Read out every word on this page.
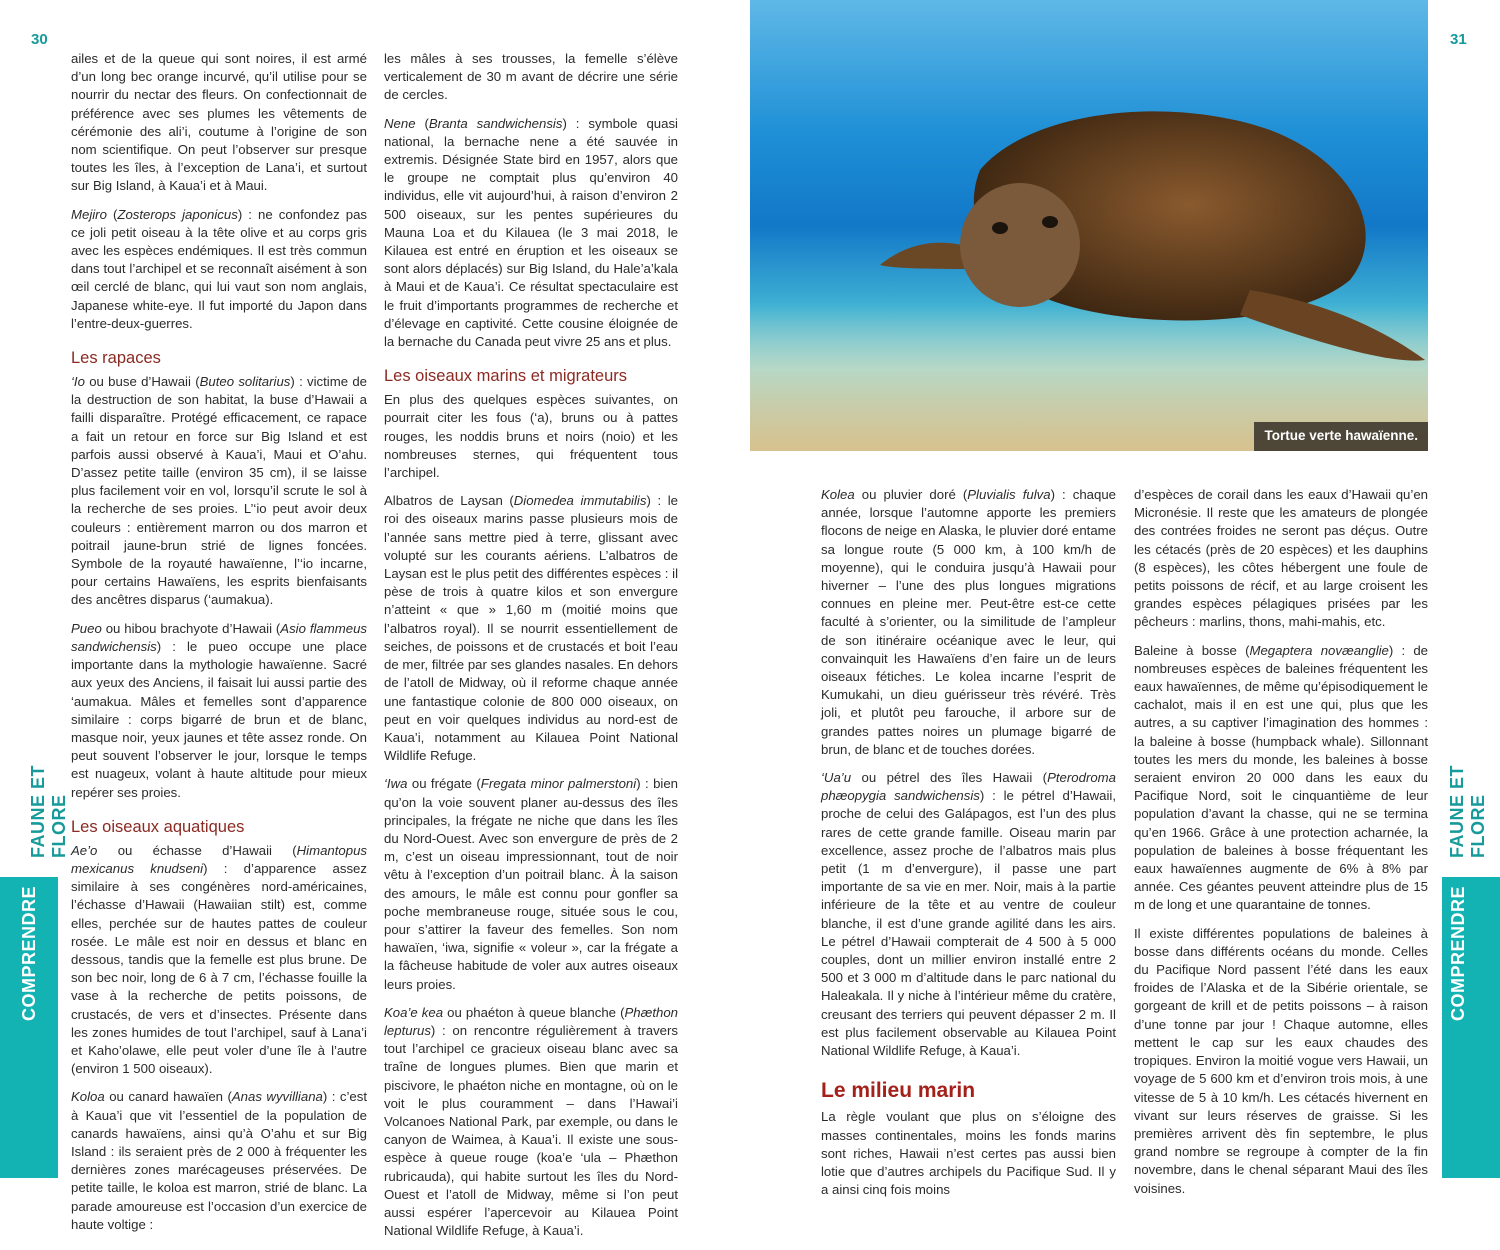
30
FAUNE ET FLORE
COMPRENDRE

ailes et de la queue qui sont noires, il est armé d’un long bec orange incurvé, qu’il utilise pour se nourrir du nectar des fleurs. On confectionnait de préférence avec ses plumes les vêtements de cérémonie des ali’i, coutume à l’origine de son nom scientifique. On peut l’observer sur presque toutes les îles, à l’exception de Lana’i, et surtout sur Big Island, à Kaua’i et à Maui.

Mejiro (Zosterops japonicus) : ne confondez pas ce joli petit oiseau à la tête olive et au corps gris avec les espèces endémiques. Il est très commun dans tout l’archipel et se reconnaît aisément à son œil cerclé de blanc, qui lui vaut son nom anglais, Japanese white-eye. Il fut importé du Japon dans l’entre-deux-guerres.

Les rapaces

‘Io ou buse d’Hawaii (Buteo solitarius) : victime de la destruction de son habitat, la buse d’Hawaii a failli disparaître. Protégé efficacement, ce rapace a fait un retour en force sur Big Island et est parfois aussi observé à Kaua’i, Maui et O’ahu. D’assez petite taille (environ 35 cm), il se laisse plus facilement voir en vol, lorsqu’il scrute le sol à la recherche de ses proies. L’‘io peut avoir deux couleurs : entièrement marron ou dos marron et poitrail jaune-brun strié de lignes foncées. Symbole de la royauté hawaïenne, l’‘io incarne, pour certains Hawaïens, les esprits bienfaisants des ancêtres disparus (‘aumakua).

Pueo ou hibou brachyote d’Hawaii (Asio flammeus sandwichensis) : le pueo occupe une place importante dans la mythologie hawaïenne. Sacré aux yeux des Anciens, il faisait lui aussi partie des ‘aumakua. Mâles et femelles sont d’apparence similaire : corps bigarré de brun et de blanc, masque noir, yeux jaunes et tête assez ronde. On peut souvent l’observer le jour, lorsque le temps est nuageux, volant à haute altitude pour mieux repérer ses proies.

Les oiseaux aquatiques

Ae’o ou échasse d’Hawaii (Himantopus mexicanus knudseni) : d’apparence assez similaire à ses congénères nord-américaines, l’échasse d’Hawaii (Hawaiian stilt) est, comme elles, perchée sur de hautes pattes de couleur rosée. Le mâle est noir en dessus et blanc en dessous, tandis que la femelle est plus brune. De son bec noir, long de 6 à 7 cm, l’échasse fouille la vase à la recherche de petits poissons, de crustacés, de vers et d’insectes. Présente dans les zones humides de tout l’archipel, sauf à Lana’i et Kaho’olawe, elle peut voler d’une île à l’autre (environ 1 500 oiseaux).

Koloa ou canard hawaïen (Anas wyvilliana) : c’est à Kaua’i que vit l’essentiel de la population de canards hawaïens, ainsi qu’à O’ahu et sur Big Island : ils seraient près de 2 000 à fréquenter les dernières zones marécageuses préservées. De petite taille, le koloa est marron, strié de blanc. La parade amoureuse est l’occasion d’un exercice de haute voltige :

les mâles à ses trousses, la femelle s’élève verticalement de 30 m avant de décrire une série de cercles.

Nene (Branta sandwichensis) : symbole quasi national, la bernache nene a été sauvée in extremis. Désignée State bird en 1957, alors que le groupe ne comptait plus qu’environ 40 individus, elle vit aujourd’hui, à raison d’environ 2 500 oiseaux, sur les pentes supérieures du Mauna Loa et du Kilauea (le 3 mai 2018, le Kilauea est entré en éruption et les oiseaux se sont alors déplacés) sur Big Island, du Hale’a’kala à Maui et de Kaua’i. Ce résultat spectaculaire est le fruit d’importants programmes de recherche et d’élevage en captivité. Cette cousine éloignée de la bernache du Canada peut vivre 25 ans et plus.

Les oiseaux marins et migrateurs

En plus des quelques espèces suivantes, on pourrait citer les fous (‘a), bruns ou à pattes rouges, les noddis bruns et noirs (noio) et les nombreuses sternes, qui fréquentent tous l’archipel.

Albatros de Laysan (Diomedea immutabilis) : le roi des oiseaux marins passe plusieurs mois de l’année sans mettre pied à terre, glissant avec volupté sur les courants aériens. L’albatros de Laysan est le plus petit des différentes espèces : il pèse de trois à quatre kilos et son envergure n’atteint « que » 1,60 m (moitié moins que l’albatros royal). Il se nourrit essentiellement de seiches, de poissons et de crustacés et boit l’eau de mer, filtrée par ses glandes nasales. En dehors de l’atoll de Midway, où il reforme chaque année une fantastique colonie de 800 000 oiseaux, on peut en voir quelques individus au nord-est de Kaua’i, notamment au Kilauea Point National Wildlife Refuge.

‘Iwa ou frégate (Fregata minor palmerstoni) : bien qu’on la voie souvent planer au-dessus des îles principales, la frégate ne niche que dans les îles du Nord-Ouest. Avec son envergure de près de 2 m, c’est un oiseau impressionnant, tout de noir vêtu à l’exception d’un poitrail blanc. À la saison des amours, le mâle est connu pour gonfler sa poche membraneuse rouge, située sous le cou, pour s’attirer la faveur des femelles. Son nom hawaïen, ‘iwa, signifie « voleur », car la frégate a la fâcheuse habitude de voler aux autres oiseaux leurs proies.

Koa’e kea ou phaéton à queue blanche (Phæthon lepturus) : on rencontre régulièrement à travers tout l’archipel ce gracieux oiseau blanc avec sa traîne de longues plumes. Bien que marin et piscivore, le phaéton niche en montagne, où on le voit le plus couramment – dans l’Hawai’i Volcanoes National Park, par exemple, ou dans le canyon de Waimea, à Kaua’i. Il existe une sous-espèce à queue rouge (koa’e ‘ula – Phæthon rubricauda), qui habite surtout les îles du Nord-Ouest et l’atoll de Midway, même si l’on peut aussi espérer l’apercevoir au Kilauea Point National Wildlife Refuge, à Kaua’i.

Tortue verte hawaïenne.
31
FAUNE ET FLORE
COMPRENDRE

Kolea ou pluvier doré (Pluvialis fulva) : chaque année, lorsque l’automne apporte les premiers flocons de neige en Alaska, le pluvier doré entame sa longue route (5 000 km, à 100 km/h de moyenne), qui le conduira jusqu’à Hawaii pour hiverner – l’une des plus longues migrations connues en pleine mer. Peut-être est-ce cette faculté à s’orienter, ou la similitude de l’ampleur de son itinéraire océanique avec le leur, qui convainquit les Hawaïens d’en faire un de leurs oiseaux fétiches. Le kolea incarne l’esprit de Kumukahi, un dieu guérisseur très révéré. Très joli, et plutôt peu farouche, il arbore sur de grandes pattes noires un plumage bigarré de brun, de blanc et de touches dorées.

‘Ua’u ou pétrel des îles Hawaii (Pterodroma phæopygia sandwichensis) : le pétrel d’Hawaii, proche de celui des Galápagos, est l’un des plus rares de cette grande famille. Oiseau marin par excellence, assez proche de l’albatros mais plus petit (1 m d’envergure), il passe une part importante de sa vie en mer. Noir, mais à la partie inférieure de la tête et au ventre de couleur blanche, il est d’une grande agilité dans les airs. Le pétrel d’Hawaii compterait de 4 500 à 5 000 couples, dont un millier environ installé entre 2 500 et 3 000 m d’altitude dans le parc national du Haleakala. Il y niche à l’intérieur même du cratère, creusant des terriers qui peuvent dépasser 2 m. Il est plus facilement observable au Kilauea Point National Wildlife Refuge, à Kaua’i.

Le milieu marin

La règle voulant que plus on s’éloigne des masses continentales, moins les fonds marins sont riches, Hawaii n’est certes pas aussi bien lotie que d’autres archipels du Pacifique Sud. Il y a ainsi cinq fois moins

d’espèces de corail dans les eaux d’Hawaii qu’en Micronésie. Il reste que les amateurs de plongée des contrées froides ne seront pas déçus. Outre les cétacés (près de 20 espèces) et les dauphins (8 espèces), les côtes hébergent une foule de petits poissons de récif, et au large croisent les grandes espèces pélagiques prisées par les pêcheurs : marlins, thons, mahi-mahis, etc.

Baleine à bosse (Megaptera novæanglie) : de nombreuses espèces de baleines fréquentent les eaux hawaïennes, de même qu’épisodiquement le cachalot, mais il en est une qui, plus que les autres, a su captiver l’imagination des hommes : la baleine à bosse (humpback whale). Sillonnant toutes les mers du monde, les baleines à bosse seraient environ 20 000 dans les eaux du Pacifique Nord, soit le cinquantième de leur population d’avant la chasse, qui ne se termina qu’en 1966. Grâce à une protection acharnée, la population de baleines à bosse fréquentant les eaux hawaïennes augmente de 6% à 8% par année. Ces géantes peuvent atteindre plus de 15 m de long et une quarantaine de tonnes.

Il existe différentes populations de baleines à bosse dans différents océans du monde. Celles du Pacifique Nord passent l’été dans les eaux froides de l’Alaska et de la Sibérie orientale, se gorgeant de krill et de petits poissons – à raison d’une tonne par jour ! Chaque automne, elles mettent le cap sur les eaux chaudes des tropiques. Environ la moitié vogue vers Hawaii, un voyage de 5 600 km et d’environ trois mois, à une vitesse de 5 à 10 km/h. Les cétacés hivernent en vivant sur leurs réserves de graisse. Si les premières arrivent dès fin septembre, le plus grand nombre se regroupe à compter de la fin novembre, dans le chenal séparant Maui des îles voisines.
